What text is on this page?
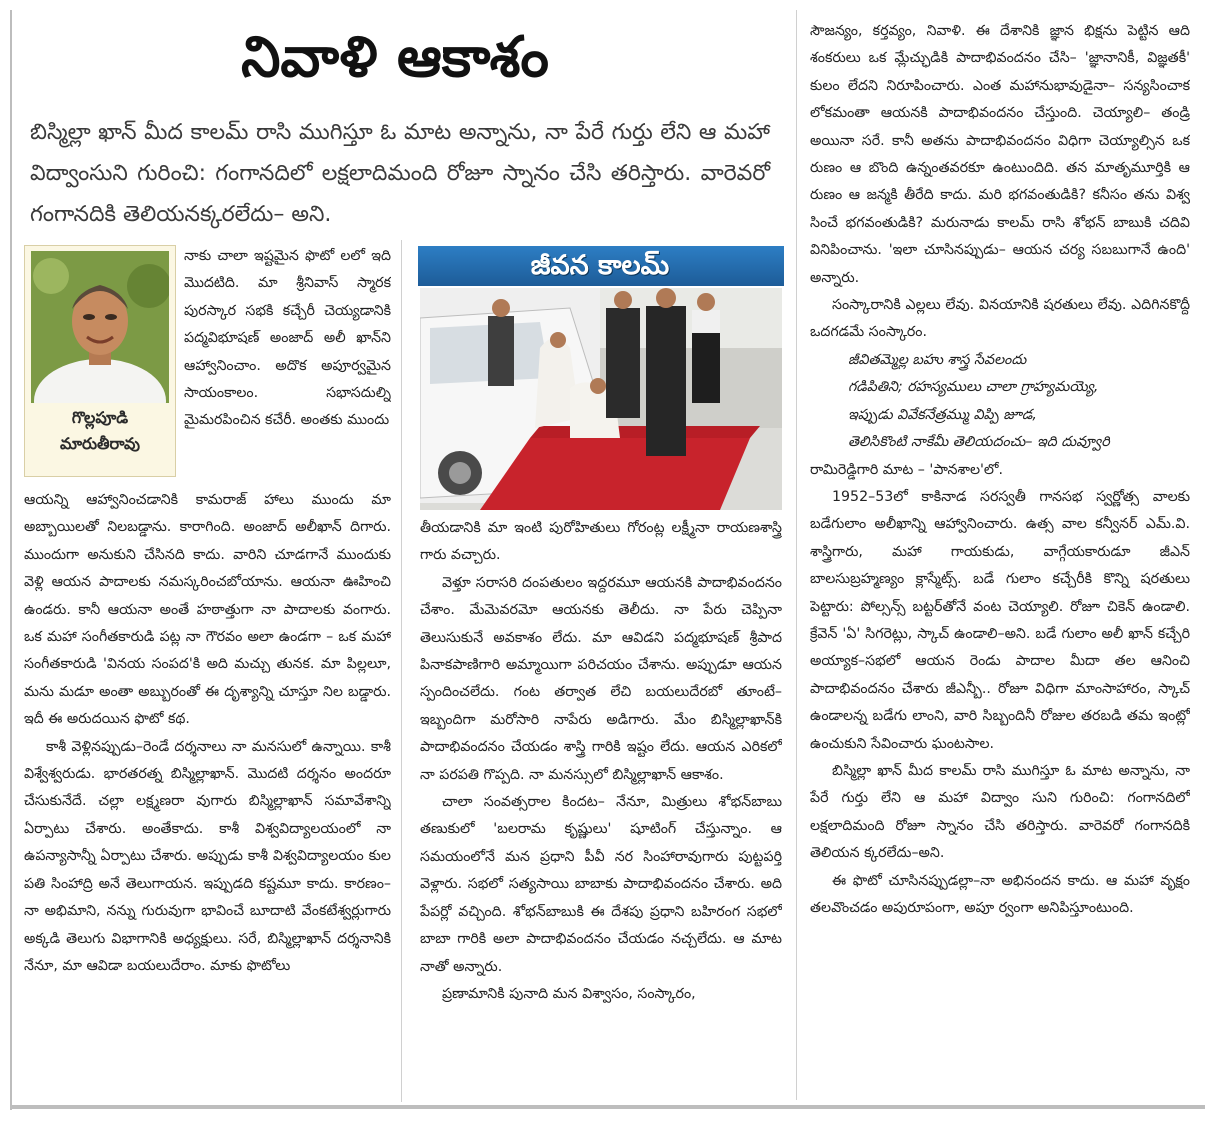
నివాళి ఆకాశం
బిస్మిల్లా ఖాన్ మీద కాలమ్ రాసి ముగిస్తూ ఓ మాట అన్నాను, నా పేరే గుర్తు లేని ఆ మహా విద్వాంసుని గురించి: గంగానదిలో లక్షలాదిమంది రోజూ స్నానం చేసి తరిస్తారు. వారెవరో గంగానదికి తెలియనక్కరలేదు– అని.
గొల్లపూడి
మారుతీరావు
జీవన కాలమ్

నాకు చాలా ఇష్టమైన ఫొటో లలో ఇది మొదటిది. మా శ్రీనివాస్ స్మారక పురస్కార సభకి కచ్చేరీ చెయ్యడానికి పద్మవిభూషణ్ అంజాద్ అలీ ఖాన్‌ని ఆహ్వానించాం. అదొక అపూర్వమైన సాయంకాలం. సభాసదుల్ని మైమరపించిన కచేరీ. అంతకు ముందు

ఆయన్ని ఆహ్వానించడానికి కామరాజ్ హాలు ముందు మా అబ్బాయిలతో నిలబడ్డాను. కారాగింది. అంజాద్ అలీఖాన్ దిగారు. ముందుగా అనుకుని చేసినది కాదు. వారిని చూడగానే ముందుకు వెళ్లి ఆయన పాదాలకు నమస్కరించబోయాను. ఆయనా ఊహించి ఉండరు. కానీ ఆయనా అంతే హఠాత్తుగా నా పాదాలకు వంగారు. ఒక మహా సంగీతకారుడి పట్ల నా గౌరవం అలా ఉండగా – ఒక మహా సంగీతకారుడి 'వినయ సంపద'కి అది మచ్చు తునక. మా పిల్లలూ, మను మడూ అంతా అబ్బురంతో ఈ దృశ్యాన్ని చూస్తూ నిల బడ్డారు. ఇదీ ఈ అరుదయిన ఫొటో కథ.

కాశీ వెళ్లినప్పుడు–రెండే దర్శనాలు నా మనసులో ఉన్నాయి. కాశీ విశ్వేశ్వరుడు. భారతరత్న బిస్మిల్లాఖాన్. మొదటి దర్శనం అందరూ చేసుకునేదే. చల్లా లక్ష్మణరా వుగారు బిస్మిల్లాఖాన్ సమావేశాన్ని ఏర్పాటు చేశారు. అంతేకాదు. కాశీ విశ్వవిద్యాలయంలో నా ఉపన్యాసాన్నీ ఏర్పాటు చేశారు. అప్పుడు కాశీ విశ్వవిద్యాలయం కుల పతి సింహాద్రి అనే తెలుగాయన. ఇప్పుడది కష్టమూ కాదు. కారణం– నా అభిమాని, నన్ను గురువుగా భావించే బూదాటి వేంకటేశ్వర్లుగారు అక్కడి తెలుగు విభాగానికి అధ్యక్షులు. సరే, బిస్మిల్లాఖాన్ దర్శనానికి నేనూ, మా ఆవిడా బయలుదేరాం. మాకు ఫొటోలు

తీయడానికి మా ఇంటి పురోహితులు గోరంట్ల లక్ష్మీనా రాయణశాస్త్రి గారు వచ్చారు.

వెళ్తూ సరాసరి దంపతులం ఇద్దరమూ ఆయనకి పాదాభివందనం చేశాం. మేమెవరమో ఆయనకు తెలీదు. నా పేరు చెప్పినా తెలుసుకునే అవకాశం లేదు. మా ఆవిడని పద్మభూషణ్ శ్రీపాద పినాకపాణిగారి అమ్మాయిగా పరిచయం చేశాను. అప్పుడూ ఆయన స్పందించలేదు. గంట తర్వాత లేచి బయలుదేరబో తూంటే–ఇబ్బందిగా మరోసారి నాపేరు అడిగారు. మేం బిస్మిల్లాఖాన్‌కి పాదాభివందనం చేయడం శాస్త్రి గారికి ఇష్టం లేదు. ఆయన ఎరికలో నా పరపతి గొప్పది. నా మనస్సులో బిస్మిల్లాఖాన్ ఆకాశం.

చాలా సంవత్సరాల కిందట– నేనూ, మిత్రులు శోభన్‌బాబు తణుకులో 'బలరామ కృష్ణులు' షూటింగ్ చేస్తున్నాం. ఆ సమయంలోనే మన ప్రధాని పీవీ నర సింహారావుగారు పుట్టపర్తి వెళ్లారు. సభలో సత్యసాయి బాబాకు పాదాభివందనం చేశారు. అది పేపర్లో వచ్చింది. శోభన్‌బాబుకి ఈ దేశపు ప్రధాని బహిరంగ సభలో బాబా గారికి అలా పాదాభివందనం చేయడం నచ్చలేదు. ఆ మాట నాతో అన్నారు.

ప్రణామానికి పునాది మన విశ్వాసం, సంస్కారం,

సౌజన్యం, కర్తవ్యం, నివాళి. ఈ దేశానికి జ్ఞాన భిక్షను పెట్టిన ఆది శంకరులు ఒక మ్లేచ్ఛుడికి పాదాభివందనం చేసి– 'జ్ఞానానికీ, విజ్ఞతకీ' కులం లేదని నిరూపించారు. ఎంత మహానుభావుడైనా– సన్యసించాక లోకమంతా ఆయనకి పాదాభివందనం చేస్తుంది. చెయ్యాలి– తండ్రి అయినా సరే. కానీ అతను పాదాభివందనం విధిగా చెయ్యాల్సిన ఒక రుణం ఆ బొంది ఉన్నంతవరకూ ఉంటుందిది. తన మాతృమూర్తికి ఆ రుణం ఆ జన్మకి తీరేది కాదు. మరి భగవంతుడికి? కనీసం తను విశ్వ సించే భగవంతుడికి? మరునాడు కాలమ్ రాసి శోభన్ బాబుకి చదివి వినిపించాను. 'ఇలా చూసినప్పుడు– ఆయన చర్య సబబుగానే ఉంది' అన్నారు.

సంస్కారానికి ఎల్లలు లేవు. వినయానికి షరతులు లేవు. ఎదిగినకొద్దీ ఒదగడమే సంస్కారం.

జీవితమ్మెల్ల బహు శాస్త్ర సేవలందు

గడిపితిని; రహస్యములు చాలా గ్రాహ్యమయ్యె,

ఇప్పుడు వివేకనేత్రమ్ము విప్పి జూడ,

తెలిసికొంటి నాకేమీ తెలియదంచు– ఇది దువ్వూరి

రామిరెడ్డిగారి మాట – 'పానశాల'లో.

1952–53లో కాకినాడ సరస్వతీ గానసభ స్వర్ణోత్స వాలకు బడేగులాం అలీఖాన్ని ఆహ్వానించారు. ఉత్స వాల కన్వీనర్ ఎమ్.వి. శాస్త్రిగారు, మహా గాయకుడు, వాగ్గేయకారుడూ జీఎన్ బాలసుబ్రహ్మణ్యం క్లాస్మేట్స్. బడే గులాం కచ్చేరీకి కొన్ని షరతులు పెట్టారు: పోల్సన్స్ బట్టర్‌తోనే వంట చెయ్యాలి. రోజూ చికెన్ ఉండాలి. క్రేవెన్ 'ఏ' సిగరెట్లు, స్కాచ్ ఉండాలి–అని. బడే గులాం అలీ ఖాన్ కచ్చేరి అయ్యాక–సభలో ఆయన రెండు పాదాల మీదా తల ఆనించి పాదాభివందనం చేశారు జీఎన్బీ.. రోజూ విధిగా మాంసాహారం, స్కాచ్ ఉండాలన్న బడేగు లాంని, వారి సిబ్బందినీ రోజుల తరబడి తమ ఇంట్లో ఉంచుకుని సేవించారు ఘంటసాల.

బిస్మిల్లా ఖాన్ మీద కాలమ్ రాసి ముగిస్తూ ఓ మాట అన్నాను, నా పేరే గుర్తు లేని ఆ మహా విద్వాం సుని గురించి: గంగానదిలో లక్షలాదిమంది రోజూ స్నానం చేసి తరిస్తారు. వారెవరో గంగానదికి తెలియన క్కరలేదు–అని.

ఈ ఫొటో చూసినప్పుడల్లా–నా అభినందన కాదు. ఆ మహా వృక్షం తలవొంచడం అపురూపంగా, అపూ ర్వంగా అనిపిస్తూంటుంది.
